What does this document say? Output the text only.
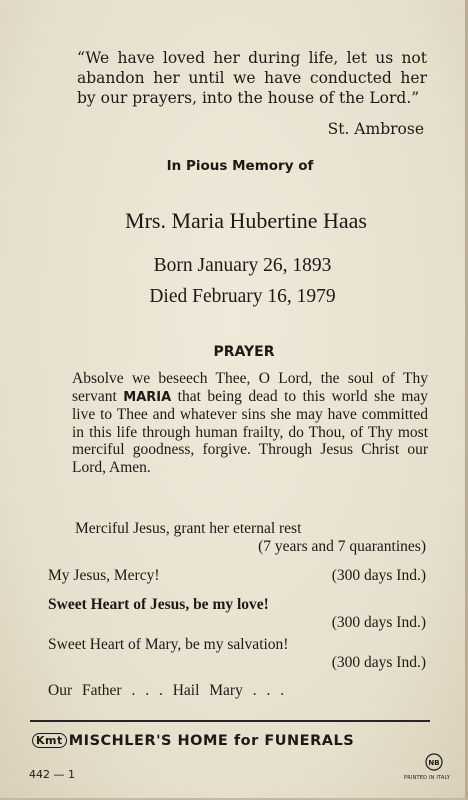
“We have loved her during life, let us not abandon her until we have conducted her by our prayers, into the house of the Lord.”
St. Ambrose
In Pious Memory of
Mrs. Maria Hubertine Haas
Born January 26, 1893
Died February 16, 1979
PRAYER
Absolve we beseech Thee, O Lord, the soul of Thy servant MARIA that being dead to this world she may live to Thee and whatever sins she may have committed in this life through human frailty, do Thou, of Thy most merciful goodness, forgive. Through Jesus Christ our Lord, Amen.
Merciful Jesus, grant her eternal rest
(7 years and 7 quarantines)
My Jesus, Mercy!	(300 days Ind.)
Sweet Heart of Jesus, be my love!
(300 days Ind.)
Sweet Heart of Mary, be my salvation!
(300 days Ind.)
Our Father . . . Hail Mary . . .
Kmt MISCHLER'S HOME for FUNERALS
442 — 1
NB
PRINTED IN ITALY
